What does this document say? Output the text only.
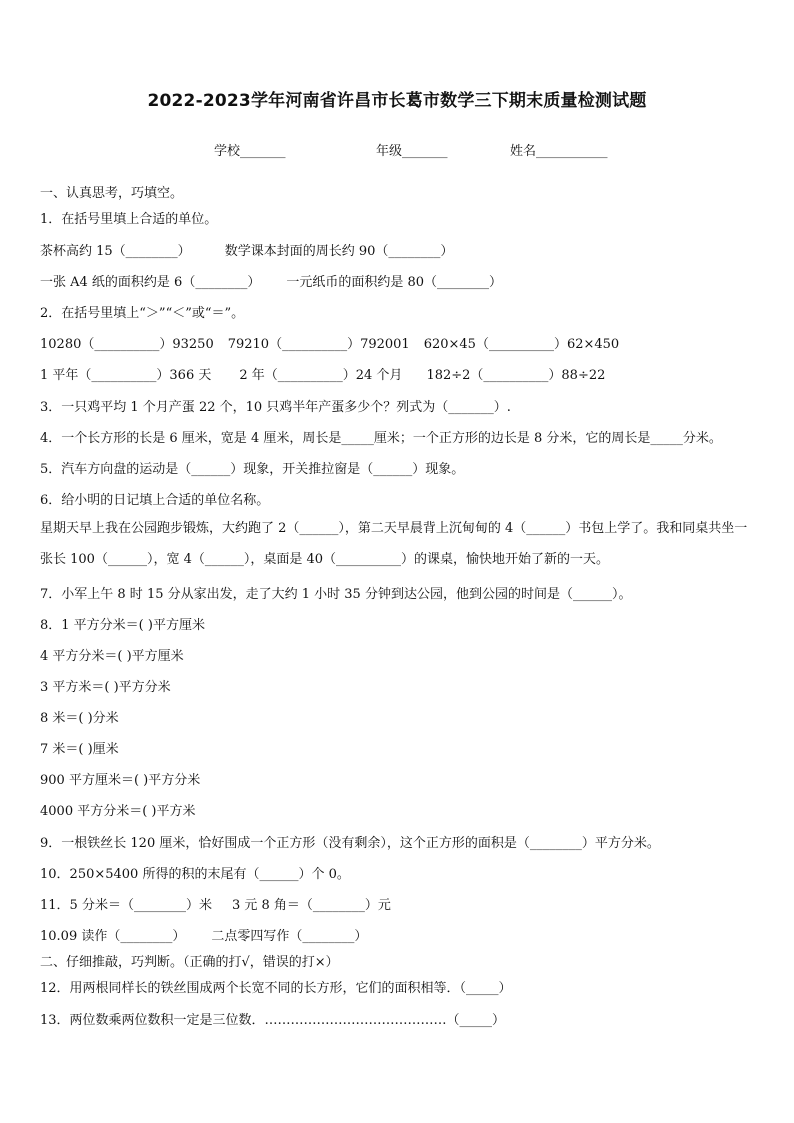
2022-2023学年河南省许昌市长葛市数学三下期末质量检测试题
学校_______	年级_______	姓名___________
一、认真思考，巧填空。
1．在括号里填上合适的单位。
茶杯高约 15（________）	数学课本封面的周长约 90（________）
一张 A4 纸的面积约是 6（________） 一元纸币的面积约是 80（________）
2．在括号里填上“＞”“＜”或“＝”。
10280（__________）93250 79210（__________）792001 620×45（__________）62×450
1 平年（__________）366 天 2 年（__________）24 个月 182÷2（__________）88÷22
3．一只鸡平均 1 个月产蛋 22 个，10 只鸡半年产蛋多少个？列式为（_______）.
4．一个长方形的长是 6 厘米，宽是 4 厘米，周长是_____厘米；一个正方形的边长是 8 分米，它的周长是_____分米。
5．汽车方向盘的运动是（______）现象，开关推拉窗是（______）现象。
6．给小明的日记填上合适的单位名称。
星期天早上我在公园跑步锻炼，大约跑了 2（______），第二天早晨背上沉甸甸的 4（______）书包上学了。我和同桌共坐一张长 100（______），宽 4（______），桌面是 40（__________）的课桌，愉快地开始了新的一天。
7．小军上午 8 时 15 分从家出发，走了大约 1 小时 35 分钟到达公园，他到公园的时间是（______）。
8．1 平方分米＝( )平方厘米
4 平方分米＝( )平方厘米
3 平方米＝( )平方分米
8 米＝( )分米
7 米＝( )厘米
900 平方厘米＝( )平方分米
4000 平方分米＝( )平方米
9．一根铁丝长 120 厘米，恰好围成一个正方形（没有剩余），这个正方形的面积是（________）平方分米。
10．250×5400 所得的积的末尾有（______）个 0。
11．5 分米＝（________）米 3 元 8 角＝（________）元
10.09 读作（________） 二点零四写作（________）
二、仔细推敲，巧判断。（正确的打√，错误的打×）
12．用两根同样长的铁丝围成两个长宽不同的长方形，它们的面积相等．（_____）
13．两位数乘两位数积一定是三位数．……………………………………（_____）
